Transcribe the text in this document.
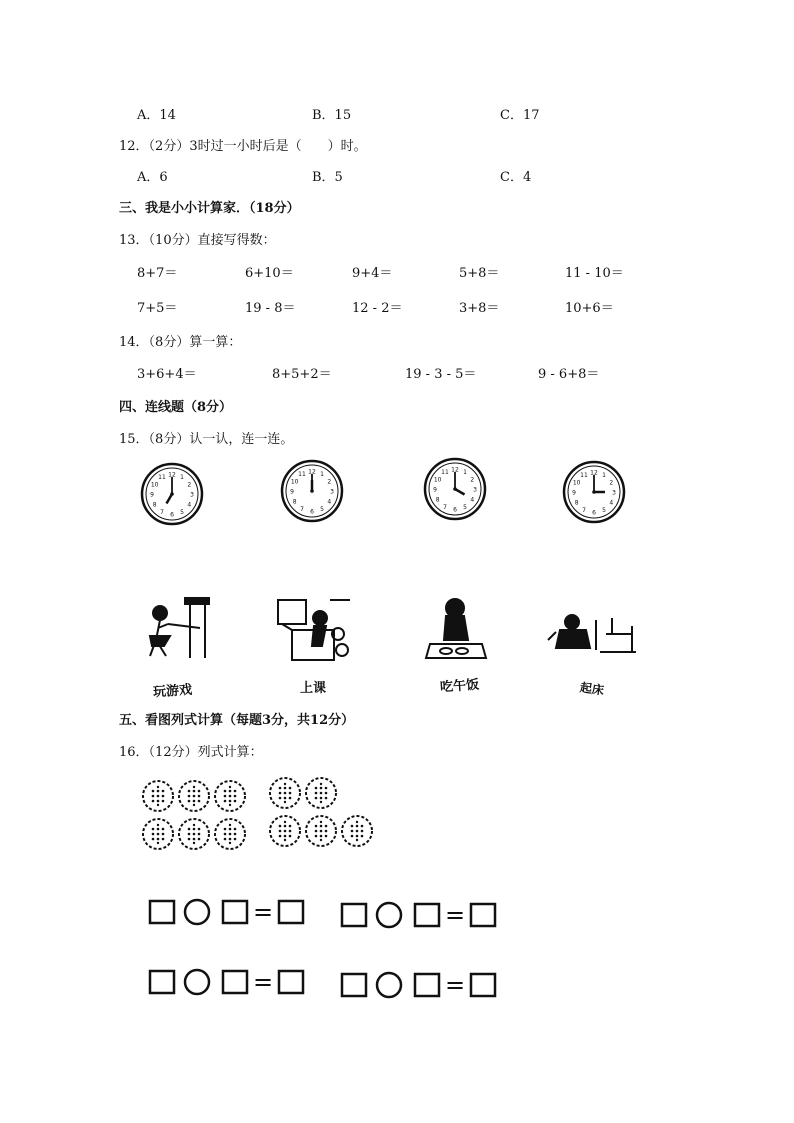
A．14	B．15	C．17
12．（2分）3时过一小时后是（　　）时。
A．6	B．5	C．4
三、我是小小计算家．（18分）
13．（10分）直接写得数：
8+7＝	6+10＝	9+4＝	5+8＝	11 - 10＝
7+5＝	19 - 8＝	12 - 2＝	3+8＝	10+6＝
14．（8分）算一算：
3+6+4＝	8+5+2＝	19 - 3 - 5＝	9 - 6+8＝
四、连线题（8分）
15．（8分）认一认，连一连。
1
2
3
4
5
6
7
8
9
10
11 12	1
2
3
4
5
6
7
8
9
10
11 12	1
2
3
4
5
6
7
8
9
10
11 12
1
2
3
4
5
6
7
8
9
10
11 12
=	=
=	=
玩游戏	上课	吃午饭	起床
五、看图列式计算（每题3分，共12分）
16．（12分）列式计算：
